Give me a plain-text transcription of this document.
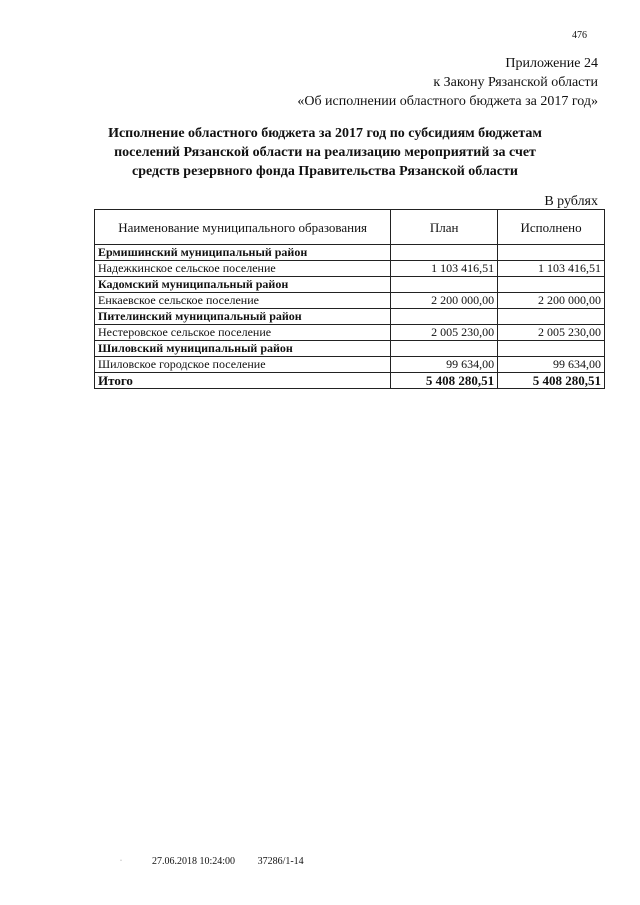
476
Приложение 24
к Закону Рязанской области
«Об исполнении областного бюджета за 2017 год»
Исполнение областного бюджета за 2017 год по субсидиям бюджетам
поселений Рязанской области на реализацию мероприятий за счет
средств резервного фонда Правительства Рязанской области
В рублях
Наименование муниципального образования	План	Исполнено
Ермишинский муниципальный район		
Надежкинское сельское поселение	1 103 416,51	1 103 416,51
Кадомский муниципальный район		
Енкаевское сельское поселение	2 200 000,00	2 200 000,00
Пителинский муниципальный район		
Нестеровское сельское поселение	2 005 230,00	2 005 230,00
Шиловский муниципальный район		
Шиловское городское поселение	99 634,00	99 634,00
Итого	5 408 280,51	5 408 280,51
·	27.06.2018 10:24:00 37286/1-14
